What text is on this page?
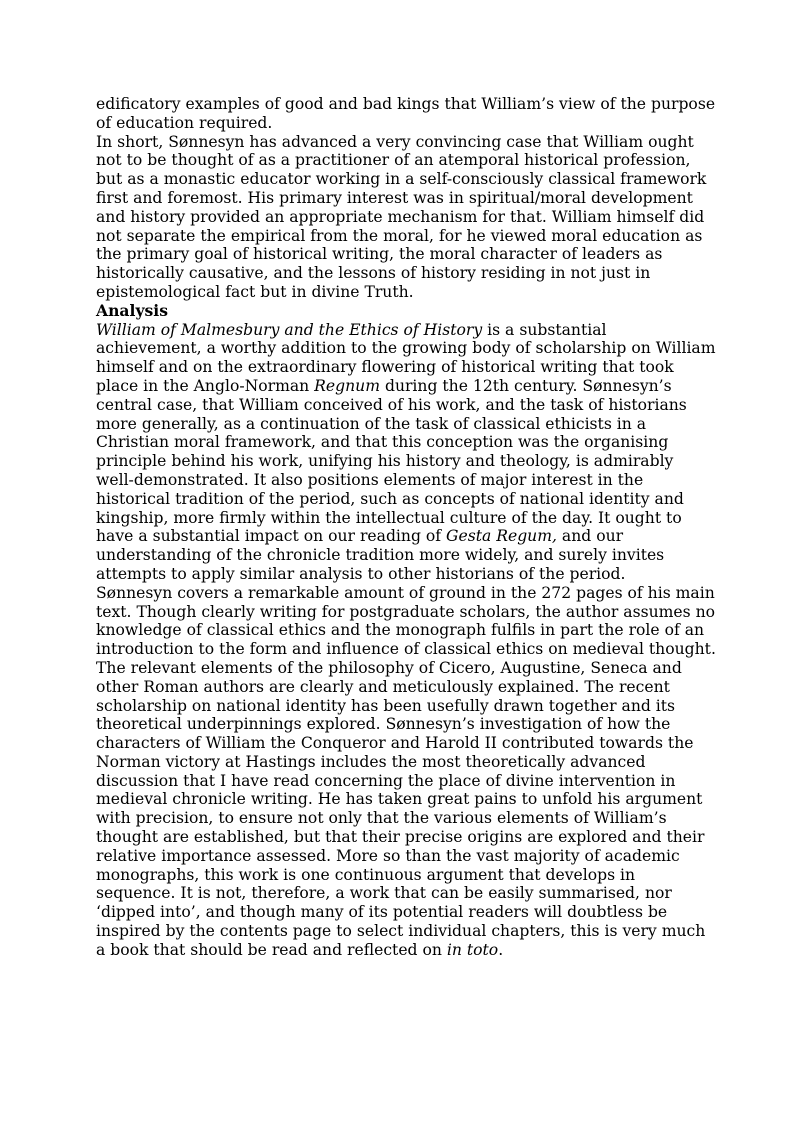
edificatory examples of good and bad kings that William’s view of the purpose of education required.

In short, Sønnesyn has advanced a very convincing case that William ought not to be thought of as a practitioner of an atemporal historical profession, but as a monastic educator working in a self-consciously classical framework first and foremost. His primary interest was in spiritual/moral development and history provided an appropriate mechanism for that. William himself did not separate the empirical from the moral, for he viewed moral education as the primary goal of historical writing, the moral character of leaders as historically causative, and the lessons of history residing in not just in epistemological fact but in divine Truth.

Analysis

William of Malmesbury and the Ethics of History is a substantial achievement, a worthy addition to the growing body of scholarship on William himself and on the extraordinary flowering of historical writing that took place in the Anglo-Norman Regnum during the 12th century. Sønnesyn’s central case, that William conceived of his work, and the task of historians more generally, as a continuation of the task of classical ethicists in a Christian moral framework, and that this conception was the organising principle behind his work, unifying his history and theology, is admirably well-demonstrated. It also positions elements of major interest in the historical tradition of the period, such as concepts of national identity and kingship, more firmly within the intellectual culture of the day. It ought to have a substantial impact on our reading of Gesta Regum, and our understanding of the chronicle tradition more widely, and surely invites attempts to apply similar analysis to other historians of the period.

Sønnesyn covers a remarkable amount of ground in the 272 pages of his main text. Though clearly writing for postgraduate scholars, the author assumes no knowledge of classical ethics and the monograph fulfils in part the role of an introduction to the form and influence of classical ethics on medieval thought. The relevant elements of the philosophy of Cicero, Augustine, Seneca and other Roman authors are clearly and meticulously explained. The recent scholarship on national identity has been usefully drawn together and its theoretical underpinnings explored. Sønnesyn’s investigation of how the characters of William the Conqueror and Harold II contributed towards the Norman victory at Hastings includes the most theoretically advanced discussion that I have read concerning the place of divine intervention in medieval chronicle writing. He has taken great pains to unfold his argument with precision, to ensure not only that the various elements of William’s thought are established, but that their precise origins are explored and their relative importance assessed. More so than the vast majority of academic monographs, this work is one continuous argument that develops in sequence. It is not, therefore, a work that can be easily summarised, nor ‘dipped into’, and though many of its potential readers will doubtless be inspired by the contents page to select individual chapters, this is very much a book that should be read and reflected on in toto.
